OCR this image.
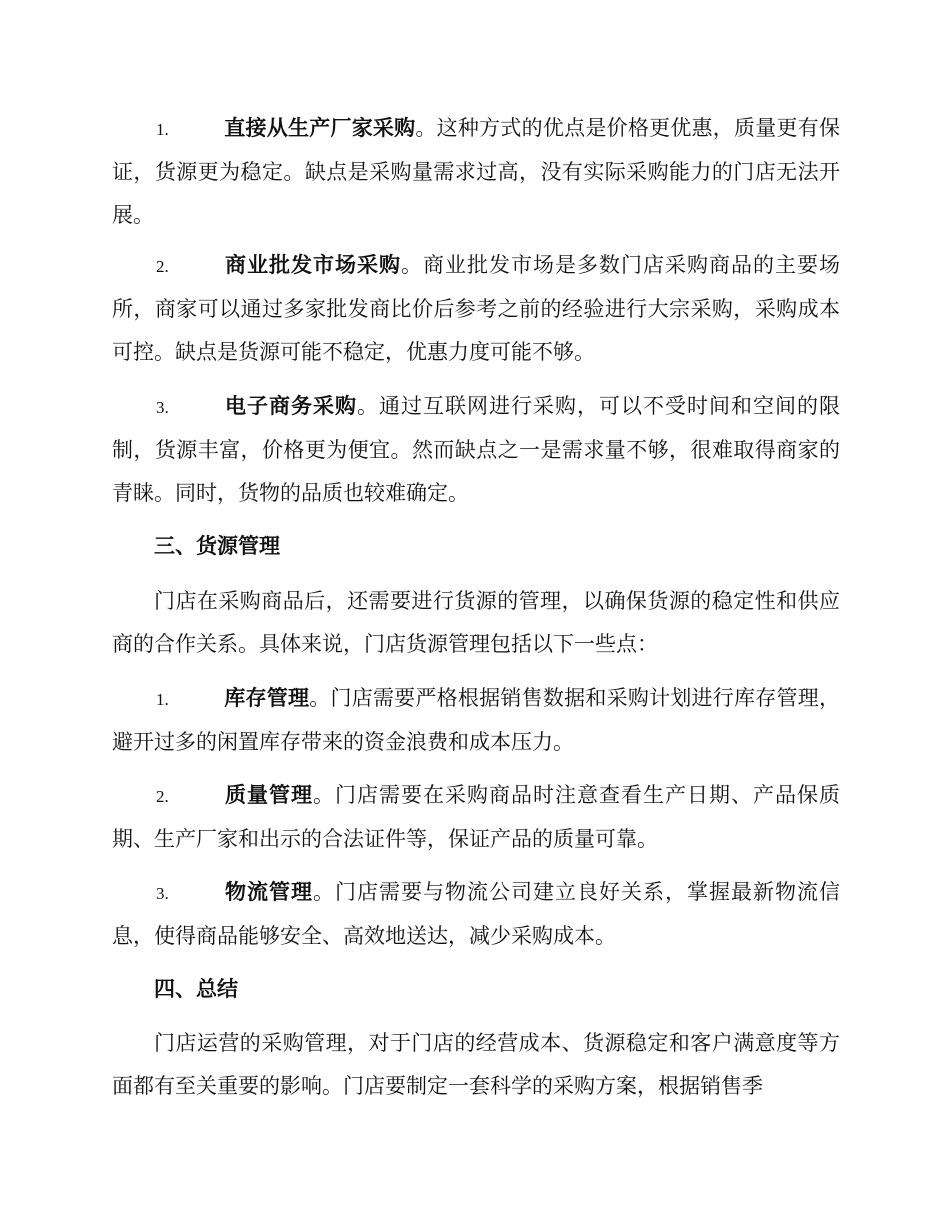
1.	直接从生产厂家采购。这种方式的优点是价格更优惠，质量更有保证，货源更为稳定。缺点是采购量需求过高，没有实际采购能力的门店无法开展。

2.	商业批发市场采购。商业批发市场是多数门店采购商品的主要场所，商家可以通过多家批发商比价后参考之前的经验进行大宗采购，采购成本可控。缺点是货源可能不稳定，优惠力度可能不够。

3.	电子商务采购。通过互联网进行采购，可以不受时间和空间的限制，货源丰富，价格更为便宜。然而缺点之一是需求量不够，很难取得商家的青睐。同时，货物的品质也较难确定。

三、货源管理

门店在采购商品后，还需要进行货源的管理，以确保货源的稳定性和供应商的合作关系。具体来说，门店货源管理包括以下一些点：

1.	库存管理。门店需要严格根据销售数据和采购计划进行库存管理，避开过多的闲置库存带来的资金浪费和成本压力。

2.	质量管理。门店需要在采购商品时注意查看生产日期、产品保质期、生产厂家和出示的合法证件等，保证产品的质量可靠。

3.	物流管理。门店需要与物流公司建立良好关系，掌握最新物流信息，使得商品能够安全、高效地送达，减少采购成本。

四、总结

门店运营的采购管理，对于门店的经营成本、货源稳定和客户满意度等方面都有至关重要的影响。门店要制定一套科学的采购方案，根据销售季
